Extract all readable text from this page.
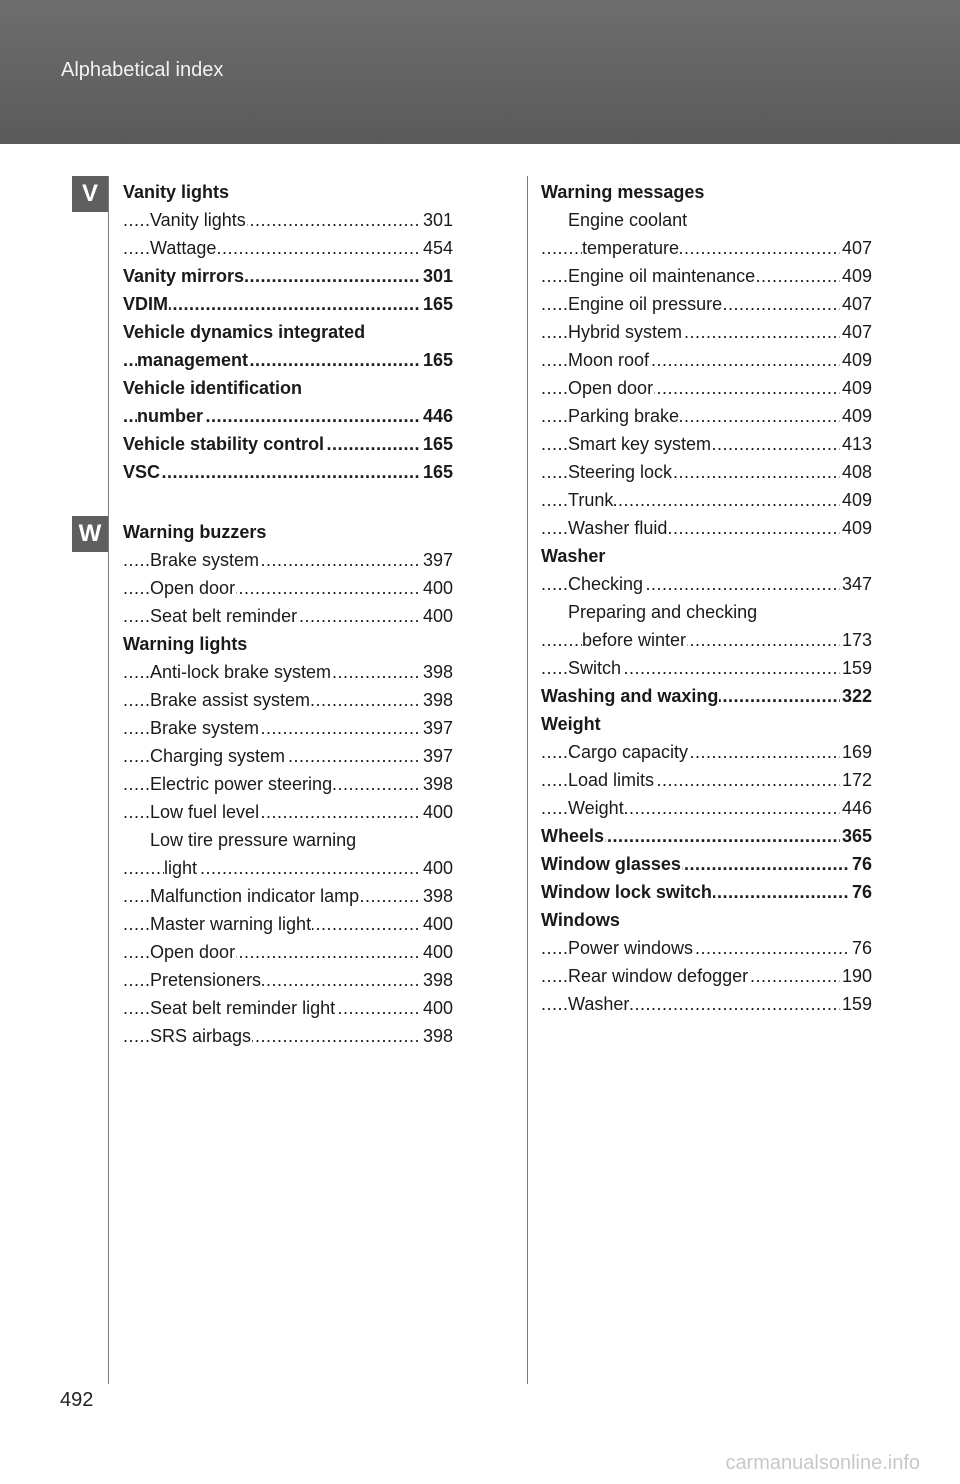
Alphabetical index
V
W
Vanity lights
.....
Vanity lights	301
.....
Wattage	454
.....
Vanity mirrors	301
.....
VDIM	165
Vehicle dynamics integrated
.....
management	165
Vehicle identification
.....
number	446
.....
Vehicle stability control	165
.....
VSC	165
Warning buzzers
.....
Brake system	397
.....
Open door	400
.....
Seat belt reminder	400
Warning lights
.....
Anti-lock brake system	398
.....
Brake assist system	398
.....
Brake system	397
.....
Charging system	397
.....
Electric power steering	398
.....
Low fuel level	400
Low tire pressure warning
.....
light	400
.....
Malfunction indicator lamp	398
.....
Master warning light	400
.....
Open door	400
.....
Pretensioners	398
.....
Seat belt reminder light	400
.....
SRS airbags	398
Warning messages
Engine coolant
.....
temperature	407
.....
Engine oil maintenance	409
.....
Engine oil pressure	407
.....
Hybrid system	407
.....
Moon roof	409
.....
Open door	409
.....
Parking brake	409
.....
Smart key system	413
.....
Steering lock	408
.....
Trunk	409
.....
Washer fluid	409
Washer
.....
Checking	347
Preparing and checking
.....
before winter	173
.....
Switch	159
.....
Washing and waxing	322
Weight
.....
Cargo capacity	169
.....
Load limits	172
.....
Weight	446
.....
Wheels	365
.....
Window glasses	76
.....
Window lock switch	76
Windows
.....
Power windows	76
.....
Rear window defogger	190
.....
Washer	159
492
carmanualsonline.info
